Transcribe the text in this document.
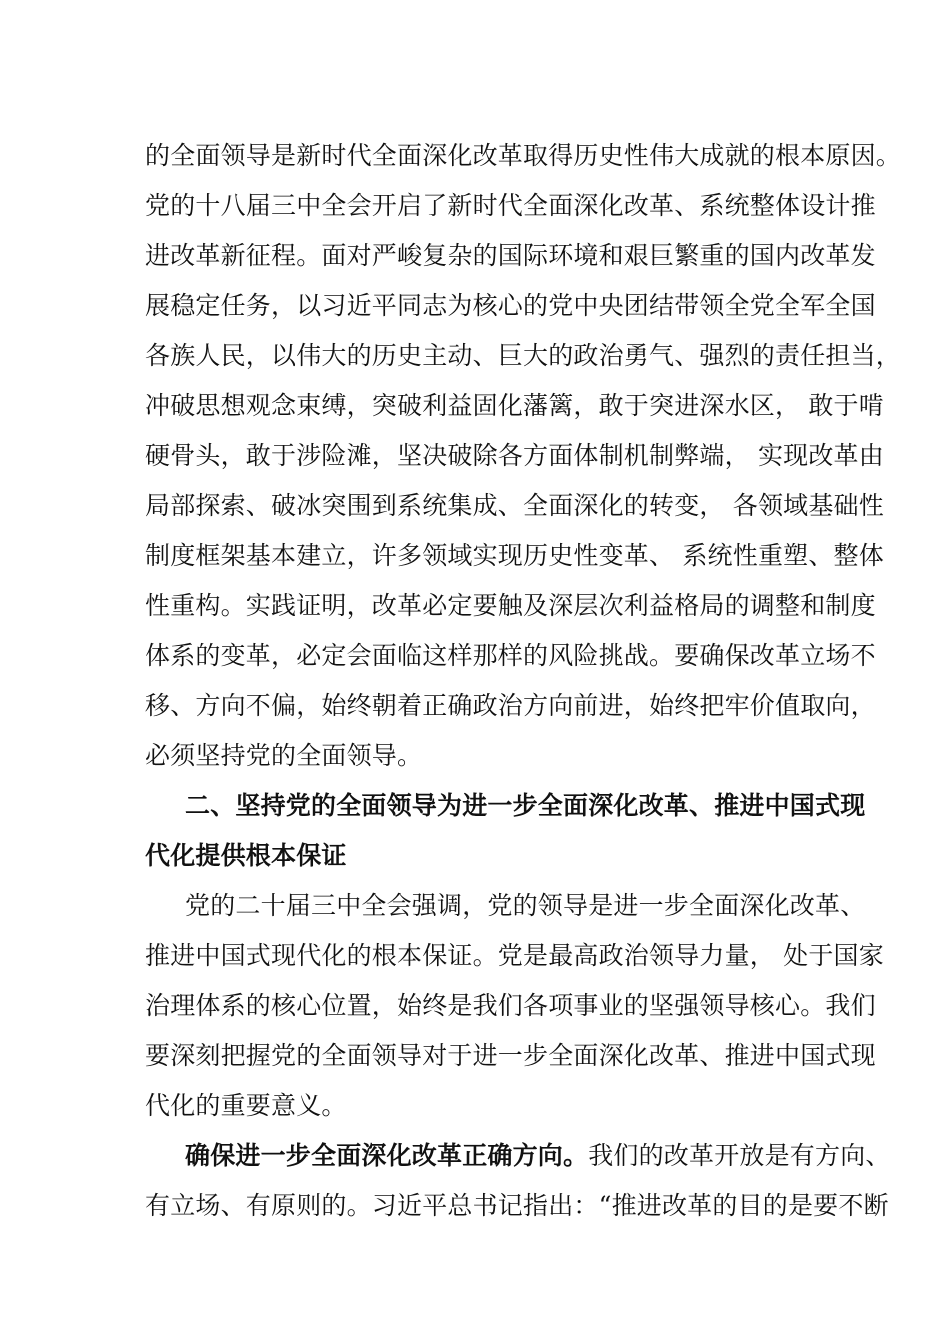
的全面领导是新时代全面深化改革取得历史性伟大成就的根本原因。
党的十八届三中全会开启了新时代全面深化改革、系统整体设计推
进改革新征程。面对严峻复杂的国际环境和艰巨繁重的国内改革发
展稳定任务，以习近平同志为核心的党中央团结带领全党全军全国
各族人民，以伟大的历史主动、巨大的政治勇气、强烈的责任担当，
冲破思想观念束缚，突破利益固化藩篱，敢于突进深水区， 敢于啃
硬骨头，敢于涉险滩，坚决破除各方面体制机制弊端， 实现改革由
局部探索、破冰突围到系统集成、全面深化的转变， 各领域基础性
制度框架基本建立，许多领域实现历史性变革、 系统性重塑、整体
性重构。实践证明，改革必定要触及深层次利益格局的调整和制度
体系的变革，必定会面临这样那样的风险挑战。要确保改革立场不
移、方向不偏，始终朝着正确政治方向前进，始终把牢价值取向，
必须坚持党的全面领导。
二、坚持党的全面领导为进一步全面深化改革、推进中国式现
代化提供根本保证
党的二十届三中全会强调，党的领导是进一步全面深化改革、
推进中国式现代化的根本保证。党是最高政治领导力量， 处于国家
治理体系的核心位置，始终是我们各项事业的坚强领导核心。我们
要深刻把握党的全面领导对于进一步全面深化改革、推进中国式现
代化的重要意义。
确保进一步全面深化改革正确方向。我们的改革开放是有方向、
有立场、有原则的。习近平总书记指出：“推进改革的目的是要不断
